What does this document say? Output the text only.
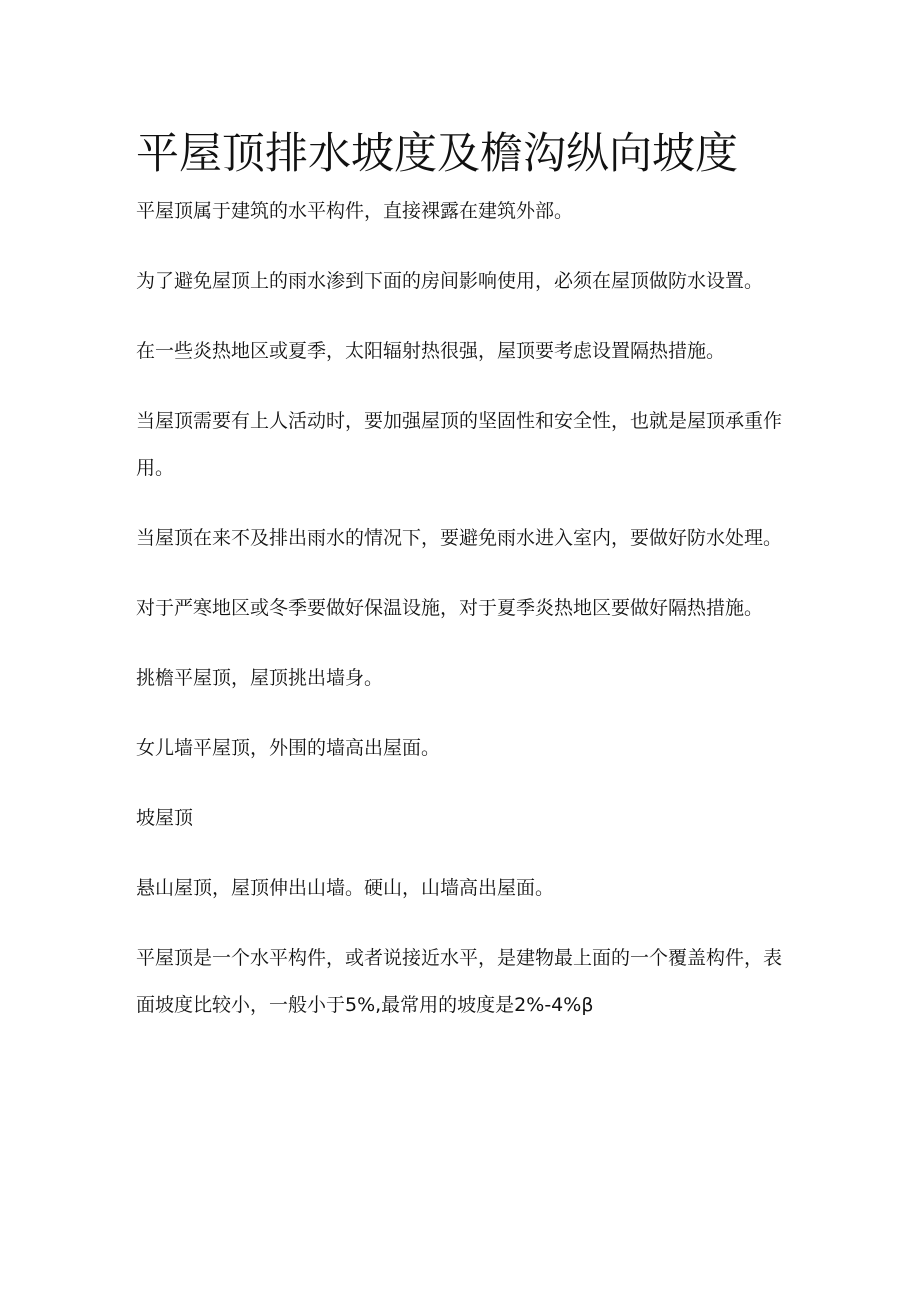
平屋顶排水坡度及檐沟纵向坡度

平屋顶属于建筑的水平构件，直接裸露在建筑外部。

为了避免屋顶上的雨水渗到下面的房间影响使用，必须在屋顶做防水设置。

在一些炎热地区或夏季，太阳辐射热很强，屋顶要考虑设置隔热措施。

当屋顶需要有上人活动时，要加强屋顶的坚固性和安全性，也就是屋顶承重作用。

当屋顶在来不及排出雨水的情况下，要避免雨水进入室内，要做好防水处理。

对于严寒地区或冬季要做好保温设施，对于夏季炎热地区要做好隔热措施。

挑檐平屋顶，屋顶挑出墙身。

女儿墙平屋顶，外围的墙高出屋面。

坡屋顶

悬山屋顶，屋顶伸出山墙。硬山，山墙高出屋面。

平屋顶是一个水平构件，或者说接近水平，是建物最上面的一个覆盖构件，表面坡度比较小，一般小于5%,最常用的坡度是2%-4%β
